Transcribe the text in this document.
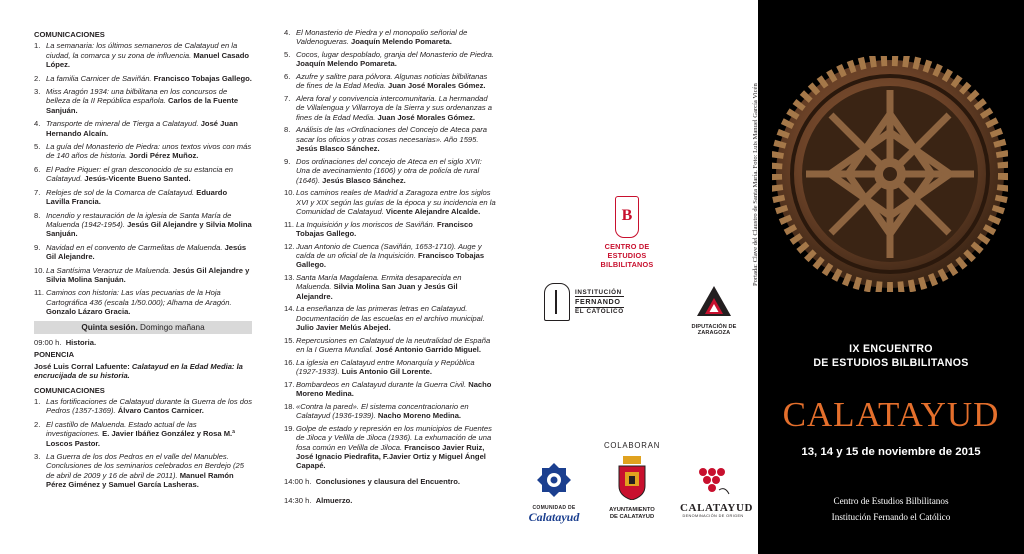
COMUNICACIONES
1. La semanaria: los últimos semaneros de Calatayud en la ciudad, la comarca y su zona de influencia. Manuel Casado López.
2. La familia Carnicer de Saviñán. Francisco Tobajas Gallego.
3. Miss Aragón 1934: una bilbilitana en los concursos de belleza de la II República española. Carlos de la Fuente Sanjuán.
4. Transporte de mineral de Tierga a Calatayud. José Juan Hernando Alcaín.
5. La guía del Monasterio de Piedra: unos textos vivos con más de 140 años de historia. Jordi Pérez Muñoz.
6. El Padre Piquer: el gran desconocido de su estancia en Calatayud. Jesús-Vicente Bueno Santed.
7. Relojes de sol de la Comarca de Calatayud. Eduardo Lavilla Francia.
8. Incendio y restauración de la iglesia de Santa María de Maluenda (1942-1954). Jesús Gil Alejandre y Silvia Molina Sanjuán.
9. Navidad en el convento de Carmelitas de Maluenda. Jesús Gil Alejandre.
10. La Santísima Veracruz de Maluenda. Jesús Gil Alejandre y Silvia Molina Sanjuán.
11. Caminos con historia: Las vías pecuarias de la Hoja Cartográfica 436 (escala 1/50.000); Alhama de Aragón. Gonzalo Lázaro Gracia.
Quinta sesión. Domingo mañana
09:00 h. Historia.
PONENCIA
José Luis Corral Lafuente: Calatayud en la Edad Media: la encrucijada de su historia.
COMUNICACIONES
1. Las fortificaciones de Calatayud durante la Guerra de los dos Pedros (1357-1369). Álvaro Cantos Carnicer.
2. El castillo de Maluenda. Estado actual de las investigaciones. E. Javier Ibáñez González y Rosa M.ª Loscos Pastor.
3. La Guerra de los dos Pedros en el valle del Manubles. Conclusiones de los seminarios celebrados en Berdejo (25 de abril de 2009 y 16 de abril de 2011). Manuel Ramón Pérez Giménez y Samuel García Lasheras.
4. El Monasterio de Piedra y el monopolio señorial de Valdenogueras. Joaquín Melendo Pomareta.
5. Cocos, lugar despoblado, granja del Monasterio de Piedra. Joaquín Melendo Pomareta.
6. Azufre y salitre para pólvora. Algunas noticias bilbilitanas de fines de la Edad Media. Juan José Morales Gómez.
7. Alera foral y convivencia intercomunitaria. La hermandad de Villalengua y Villarroya de la Sierra y sus ordenanzas a fines de la Edad Media. Juan José Morales Gómez.
8. Análisis de las «Ordinaciones del Concejo de Ateca para sacar los oficios y otras cosas necesarias». Año 1595. Jesús Blasco Sánchez.
9. Dos ordinaciones del concejo de Ateca en el siglo XVII: Una de avecinamiento (1606) y otra de policía de rural (1646). Jesús Blasco Sánchez.
10. Los caminos reales de Madrid a Zaragoza entre los siglos XVI y XIX según las guías de la época y su incidencia en la Comunidad de Calatayud. Vicente Alejandre Alcalde.
11. La Inquisición y los moriscos de Saviñán. Francisco Tobajas Gallego.
12. Juan Antonio de Cuenca (Saviñán, 1653-1710). Auge y caída de un oficial de la Inquisición. Francisco Tobajas Gallego.
13. Santa María Magdalena. Ermita desaparecida en Maluenda. Silvia Molina San Juan y Jesús Gil Alejandre.
14. La enseñanza de las primeras letras en Calatayud. Documentación de las escuelas en el archivo municipal. Julio Javier Melús Abejed.
15. Repercusiones en Calatayud de la neutralidad de España en la I Guerra Mundial. José Antonio Garrido Miguel.
16. La iglesia en Calatayud entre Monarquía y República (1927-1933). Luis Antonio Gil Lorente.
17. Bombardeos en Calatayud durante la Guerra Civil. Nacho Moreno Medina.
18. «Contra la pared». El sistema concentracionario en Calatayud (1936-1939). Nacho Moreno Medina.
19. Golpe de estado y represión en los municipios de Fuentes de Jiloca y Velilla de Jiloca (1936). La exhumación de una fosa común en Velilla de Jiloca. Francisco Javier Ruiz, José Ignacio Piedrafita, F.Javier Ortiz y Miguel Ángel Capapé.
14:00 h. Conclusiones y clausura del Encuentro.
14:30 h. Almuerzo.
B
CENTRO DE
ESTUDIOS
BILBILITANOS
INSTITUCIÓN
FERNANDO
EL CATÓLICO
DIPUTACIÓN DE ZARAGOZA
COLABORAN
COMUNIDAD DE
Calatayud	AYUNTAMIENTO
DE CALATAYUD
CALATAYUD
DENOMINACIÓN DE ORIGEN
Portada: Clave del Claustro de Santa María. Foto: Luis Manuel García Vicén
IX ENCUENTRO
DE ESTUDIOS BILBILITANOS
CALATAYUD
13, 14 y 15 de noviembre de 2015
Centro de Estudios Bilbilitanos
Institución Fernando el Católico
